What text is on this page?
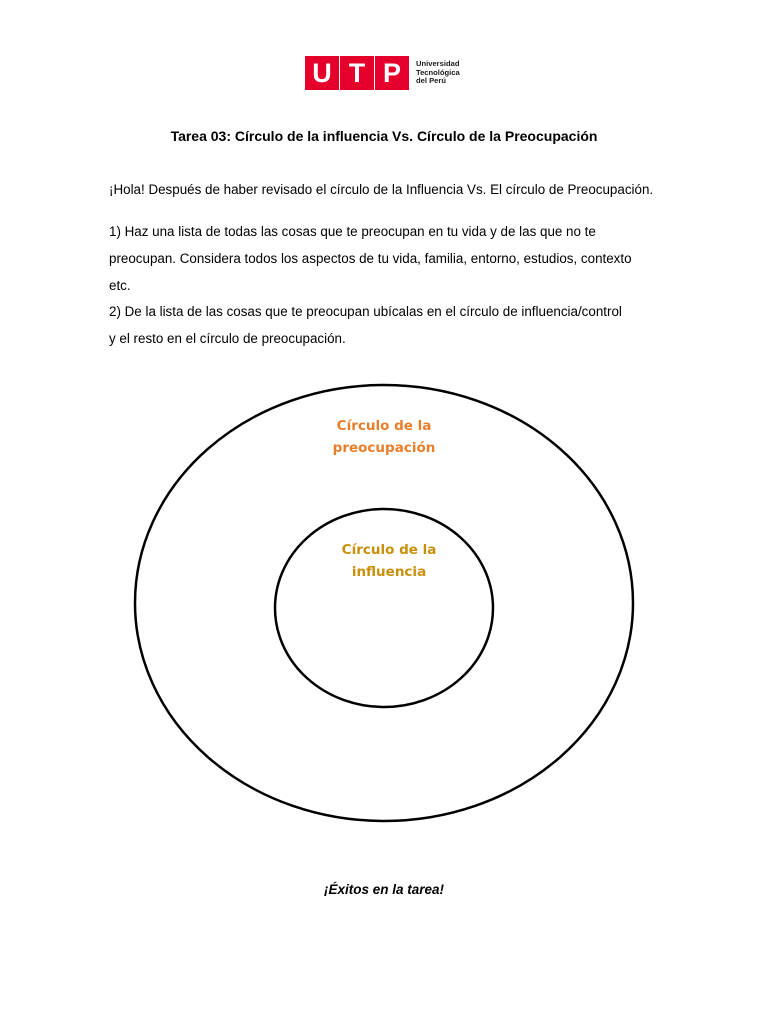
U T P	Universidad
Tecnológica
del Perú
Tarea 03: Círculo de la influencia Vs. Círculo de la Preocupación
¡Hola! Después de haber revisado el círculo de la Influencia Vs. El círculo de Preocupación.
1) Haz una lista de todas las cosas que te preocupan en tu vida y de las que no te
preocupan. Considera todos los aspectos de tu vida, familia, entorno, estudios, contexto
etc.
2) De la lista de las cosas que te preocupan ubícalas en el círculo de influencia/control
y el resto en el círculo de preocupación.
Círculo de la
preocupación
Círculo de la
influencia
¡Éxitos en la tarea!
